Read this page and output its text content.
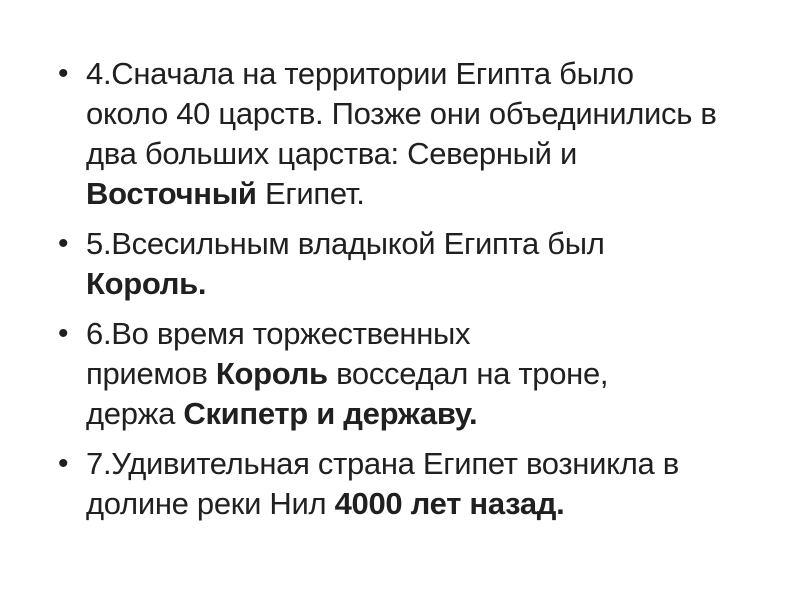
• 4.Сначала на территории Египта было
около 40 царств. Позже они объединились в
два больших царства: Северный и
Восточный Египет.
• 5.Всесильным владыкой Египта был
Король.
• 6.Во время торжественных
приемов Король восседал на троне,
держа Скипетр и державу.
• 7.Удивительная страна Египет возникла в
долине реки Нил 4000 лет назад.
